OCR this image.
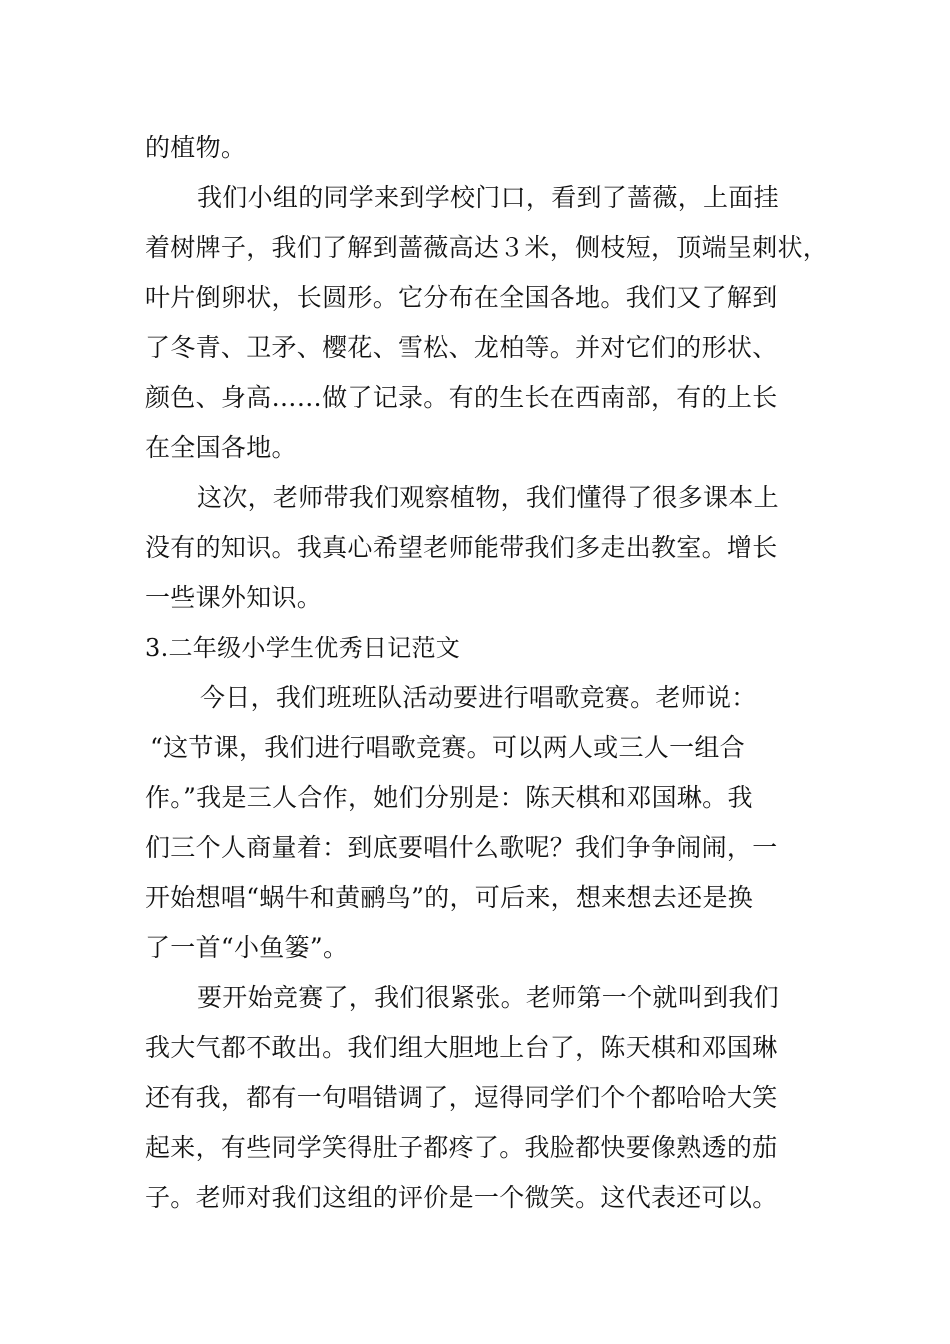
的植物。
我们小组的同学来到学校门口，看到了蔷薇，上面挂
着树牌子，我们了解到蔷薇高达３米，侧枝短，顶端呈刺状，
叶片倒卵状，长圆形。它分布在全国各地。我们又了解到
了冬青、卫矛、樱花、雪松、龙柏等。并对它们的形状、
颜色、身高……做了记录。有的生长在西南部，有的上长
在全国各地。
这次，老师带我们观察植物，我们懂得了很多课本上
没有的知识。我真心希望老师能带我们多走出教室。增长
一些课外知识。
3.二年级小学生优秀日记范文
今日，我们班班队活动要进行唱歌竞赛。老师说：
“这节课，我们进行唱歌竞赛。可以两人或三人一组合
作。”我是三人合作，她们分别是：陈天棋和邓国琳。我
们三个人商量着：到底要唱什么歌呢？我们争争闹闹，一
开始想唱“蜗牛和黄鹂鸟”的，可后来，想来想去还是换
了一首“小鱼篓”。
要开始竞赛了，我们很紧张。老师第一个就叫到我们
我大气都不敢出。我们组大胆地上台了，陈天棋和邓国琳
还有我，都有一句唱错调了，逗得同学们个个都哈哈大笑
起来，有些同学笑得肚子都疼了。我脸都快要像熟透的茄
子。老师对我们这组的评价是一个微笑。这代表还可以。
